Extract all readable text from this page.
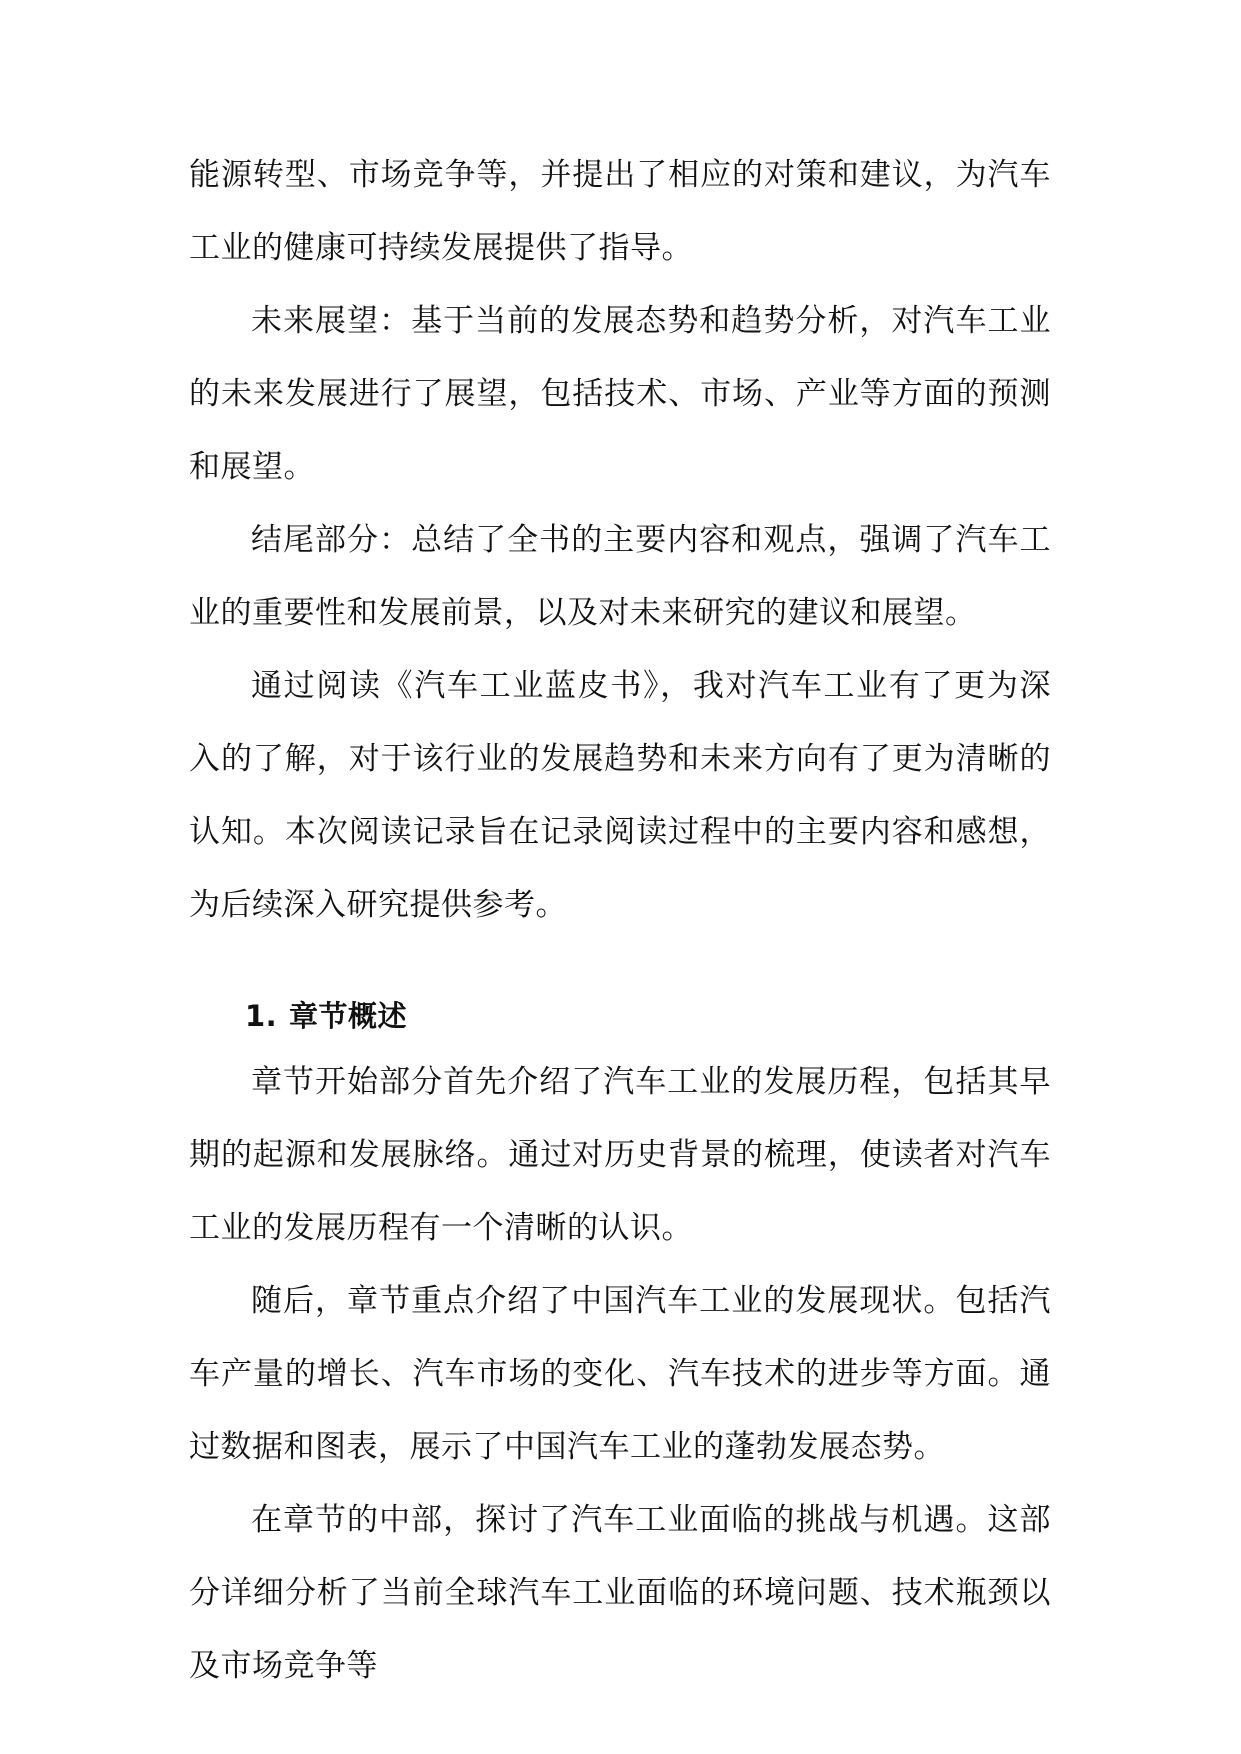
能源转型、市场竞争等，并提出了相应的对策和建议，为汽车工业的健康可持续发展提供了指导。

未来展望：基于当前的发展态势和趋势分析，对汽车工业的未来发展进行了展望，包括技术、市场、产业等方面的预测和展望。

结尾部分：总结了全书的主要内容和观点，强调了汽车工业的重要性和发展前景，以及对未来研究的建议和展望。

通过阅读《汽车工业蓝皮书》，我对汽车工业有了更为深入的了解，对于该行业的发展趋势和未来方向有了更为清晰的认知。本次阅读记录旨在记录阅读过程中的主要内容和感想，为后续深入研究提供参考。

1. 章节概述

章节开始部分首先介绍了汽车工业的发展历程，包括其早期的起源和发展脉络。通过对历史背景的梳理，使读者对汽车工业的发展历程有一个清晰的认识。

随后，章节重点介绍了中国汽车工业的发展现状。包括汽车产量的增长、汽车市场的变化、汽车技术的进步等方面。通过数据和图表，展示了中国汽车工业的蓬勃发展态势。

在章节的中部，探讨了汽车工业面临的挑战与机遇。这部分详细分析了当前全球汽车工业面临的环境问题、技术瓶颈以及市场竞争等
